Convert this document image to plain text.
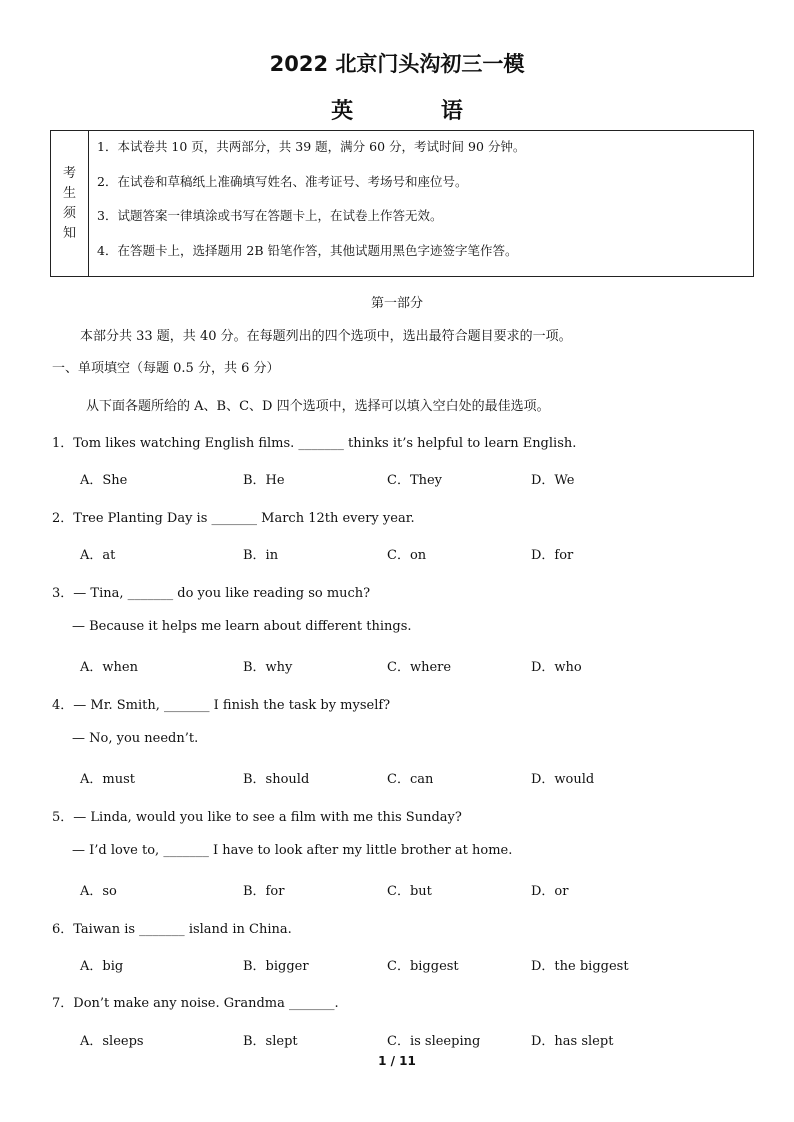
2022 北京门头沟初三一模
英 语
考
生
须
知
1．本试卷共 10 页，共两部分，共 39 题，满分 60 分，考试时间 90 分钟。
2．在试卷和草稿纸上准确填写姓名、准考证号、考场号和座位号。
3．试题答案一律填涂或书写在答题卡上，在试卷上作答无效。
4．在答题卡上，选择题用 2B 铅笔作答，其他试题用黑色字迹签字笔作答。
第一部分
本部分共 33 题，共 40 分。在每题列出的四个选项中，选出最符合题目要求的一项。
一、单项填空（每题 0.5 分，共 6 分）
从下面各题所给的 A、B、C、D 四个选项中，选择可以填入空白处的最佳选项。
1．Tom likes watching English films. _______ thinks it’s helpful to learn English.
A．She	B．He	C．They	D．We
2．Tree Planting Day is _______ March 12th every year.
A．at	B．in	C．on	D．for
3．— Tina, _______ do you like reading so much?
— Because it helps me learn about different things.
A．when	B．why	C．where	D．who
4．— Mr. Smith, _______ I finish the task by myself?
— No, you needn’t.
A．must	B．should	C．can	D．would
5．— Linda, would you like to see a film with me this Sunday?
— I’d love to, _______ I have to look after my little brother at home.
A．so	B．for	C．but	D．or
6．Taiwan is _______ island in China.
A．big	B．bigger	C．biggest	D．the biggest
7．Don’t make any noise. Grandma _______.
A．sleeps	B．slept	C．is sleeping	D．has slept
1 / 11
